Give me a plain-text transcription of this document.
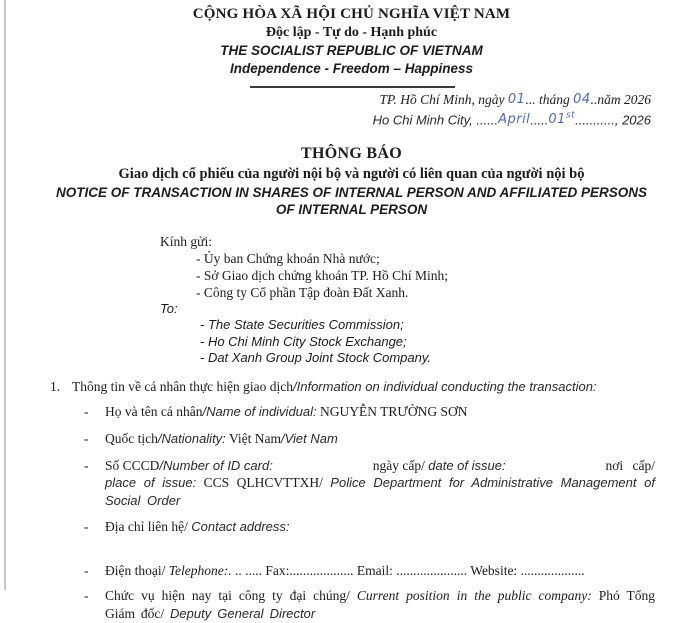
CỘNG HÒA XÃ HỘI CHỦ NGHĨA VIỆT NAM
Độc lập - Tự do - Hạnh phúc
THE SOCIALIST REPUBLIC OF VIETNAM
Independence - Freedom – Happiness
TP. Hồ Chí Minh, ngày 01... tháng 04..năm 2026
Ho Chi Minh City, ......April.....01st..........., 2026
THÔNG BÁO
Giao dịch cổ phiếu của người nội bộ và người có liên quan của người nội bộ
NOTICE OF TRANSACTION IN SHARES OF INTERNAL PERSON AND AFFILIATED PERSONS OF INTERNAL PERSON
Kính gửi:
- Ủy ban Chứng khoán Nhà nước;
- Sở Giao dịch chứng khoán TP. Hồ Chí Minh;
- Công ty Cổ phần Tập đoàn Đất Xanh.
To:
- The State Securities Commission;
- Ho Chi Minh City Stock Exchange;
- Dat Xanh Group Joint Stock Company.
1. Thông tin về cá nhân thực hiện giao dịch/Information on individual conducting the transaction:
-	Họ và tên cá nhân/Name of individual: NGUYỄN TRƯỜNG SƠN
-	Quốc tịch/Nationality: Việt Nam/Viet Nam
-	Số CCCD/Number of ID card:	ngày cấp/ date of issue:	nơi cấp/
place of issue: CCS QLHCVTTXH/ Police Department for Administrative Management of Social Order
-	Địa chỉ liên hệ/ Contact address:
-	Điện thoại/ Telephone:. .. ..... Fax:................... Email: ..................... Website: ...................
-	Chức vụ hiện nay tại công ty đại chúng/ Current position in the public company: Phó Tổng Giám đốc/ Deputy General Director
